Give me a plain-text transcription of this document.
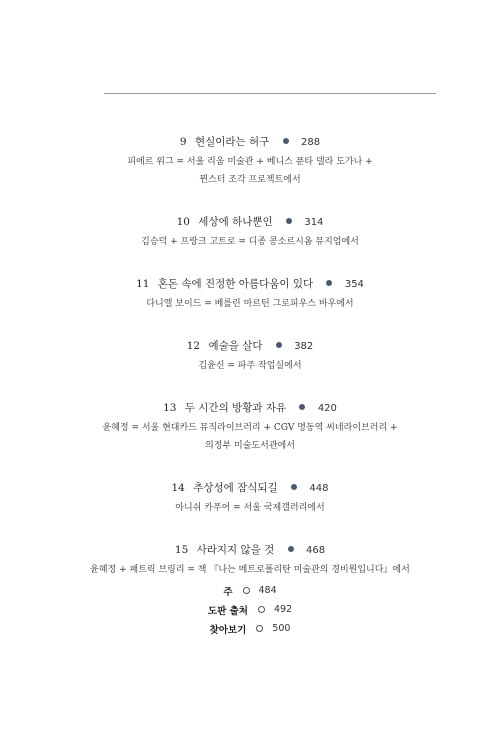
9 현실이라는 허구	288
피에르 위그 = 서울 리움 미술관 + 베니스 푼타 델라 도가나 +
뮌스터 조각 프로젝트에서
10 세상에 하나뿐인	314
김승덕 + 프랑크 고트로 = 디종 콩소르시옴 뮤지엄에서
11 혼돈 속에 진정한 아름다움이 있다	354
다니엘 보이드 = 베를린 마르틴 그로피우스 바우에서
12 예술을 살다	382
김윤신 = 파주 작업실에서
13 두 시간의 방황과 자유	420
윤혜정 = 서울 현대카드 뮤직라이브러리 + CGV 명동역 씨네라이브러리 +
의정부 미술도서관에서
14 추상성에 잠식되길	448
아니쉬 카푸어 = 서울 국제갤러리에서
15 사라지지 않을 것	468
윤혜정 + 패트릭 브링리 = 책 『나는 메트로폴리탄 미술관의 경비원입니다』에서
주	484
도판 출처	492
찾아보기	500
